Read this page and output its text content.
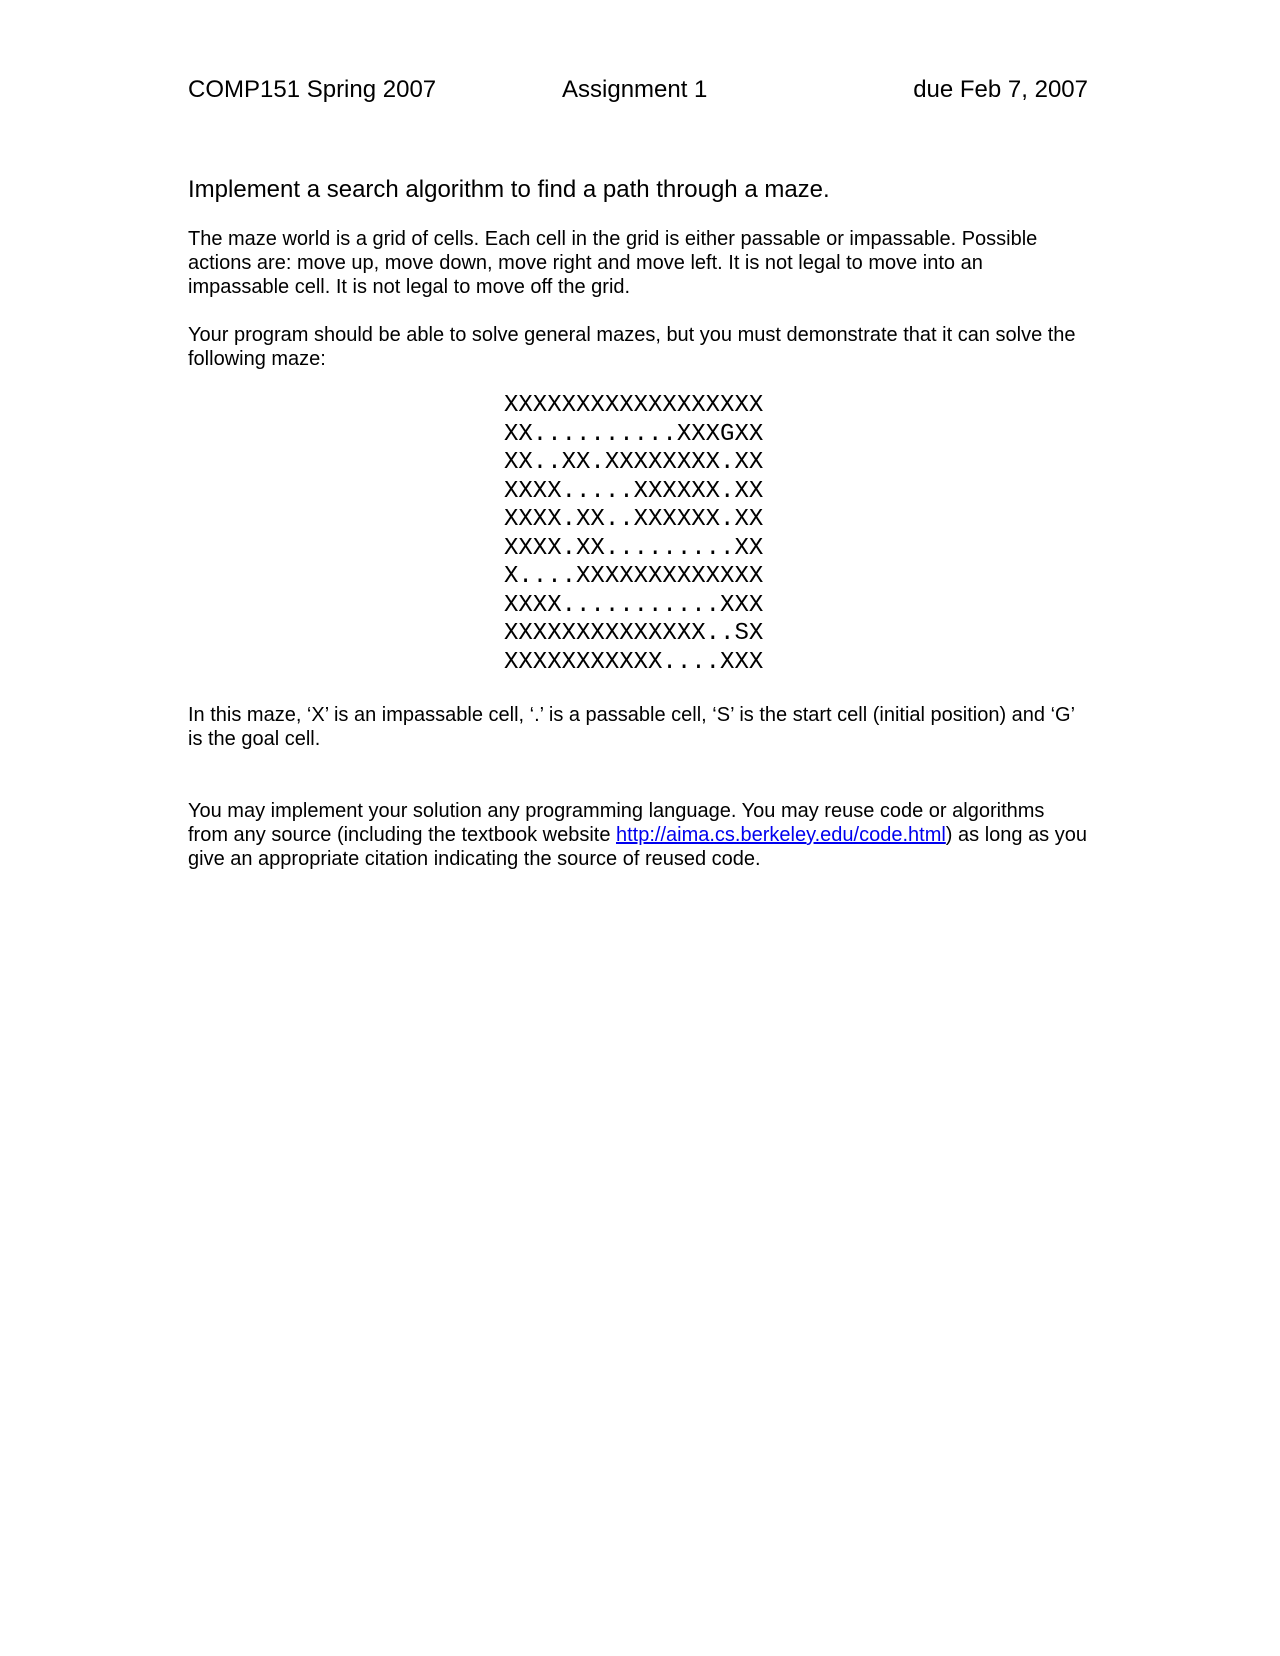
COMP151 Spring 2007	Assignment 1	due Feb 7, 2007
Implement a search algorithm to find a path through a maze.
The maze world is a grid of cells. Each cell in the grid is either passable or impassable. Possible actions are: move up, move down, move right and move left. It is not legal to move into an impassable cell. It is not legal to move off the grid.
Your program should be able to solve general mazes, but you must demonstrate that it can solve the following maze:
XXXXXXXXXXXXXXXXXX
XX..........XXXGXX
XX..XX.XXXXXXXX.XX
XXXX.....XXXXXX.XX
XXXX.XX..XXXXXX.XX
XXXX.XX.........XX
X....XXXXXXXXXXXXX
XXXX...........XXX
XXXXXXXXXXXXXX..SX
XXXXXXXXXXX....XXX
In this maze, ‘X’ is an impassable cell, ‘.’ is a passable cell, ‘S’ is the start cell (initial position) and ‘G’ is the goal cell.
You may implement your solution any programming language. You may reuse code or algorithms from any source (including the textbook website http://aima.cs.berkeley.edu/code.html) as long as you give an appropriate citation indicating the source of reused code.
